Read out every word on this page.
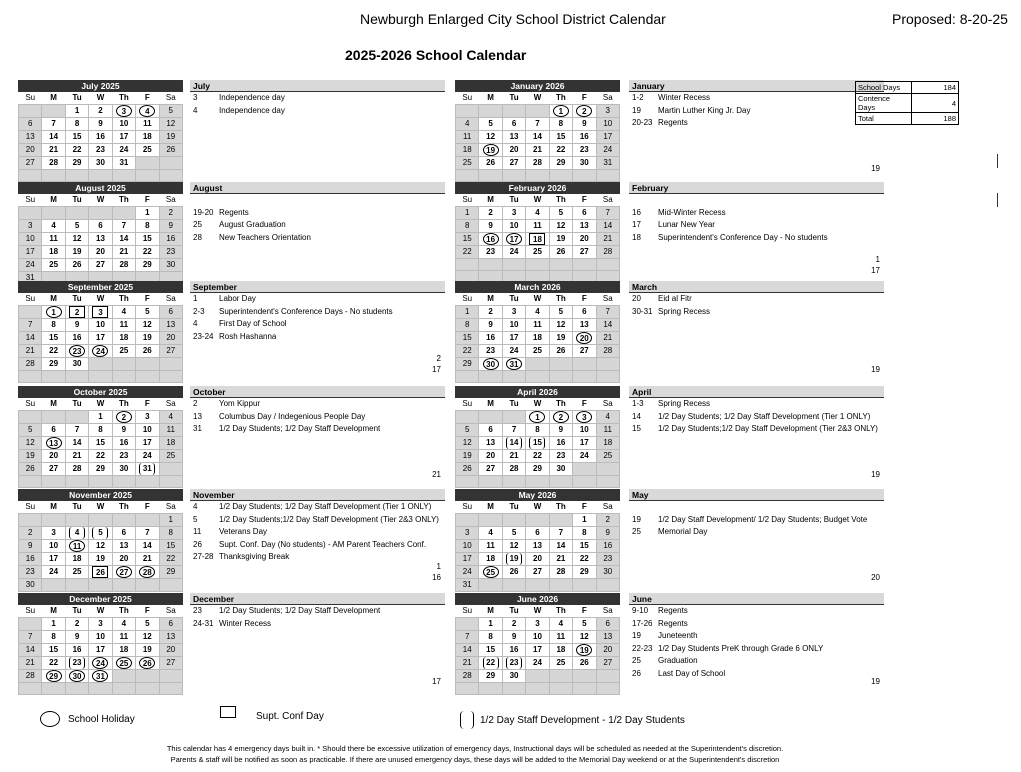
Newburgh Enlarged City School District Calendar	Proposed: 8-20-25
2025-2026 School Calendar
July 2025
Su	M	Tu	W	Th	F	Sa
		1	2	3	4	5
6	7	8	9	10	11	12
13	14	15	16	17	18	19
20	21	22	23	24	25	26
27	28	29	30	31		

July
3	Independence day
4	Independence day
January 2026
Su	M	Tu	W	Th	F	Sa
				1	2	3
4	5	6	7	8	9	10
11	12	13	14	15	16	17
18	19	20	21	22	23	24
25	26	27	28	29	30	31

January
1-2	Winter Recess
19	Martin Luther King Jr. Day
20-23 Regents
19
August 2025
Su	M	Tu	W	Th	F	Sa
					1	2
3	4	5	6	7	8	9
10	11	12	13	14	15	16
17	18	19	20	21	22	23
24	25	26	27	28	29	30
31						
August
19-20 Regents
25	August Graduation
28	New Teachers Orientation
February 2026
Su	M	Tu	W	Th	F	Sa
1	2	3	4	5	6	7
8	9	10	11	12	13	14
15	16	17	18	19	20	21
22	23	24	25	26	27	28

February
16	Mid-Winter Recess
17	Lunar New Year
18	Superintendent's Conference Day - No students
1
17
September 2025
Su	M	Tu	W	Th	F	Sa
	1	2	3	4	5	6
7	8	9	10	11	12	13
14	15	16	17	18	19	20
21	22	23	24	25	26	27
28	29	30				

September
1	Labor Day
2-3	Superintendent's Conference Days - No students
4	First Day of School
23-24 Rosh Hashanna
2
17
March 2026
Su	M	Tu	W	Th	F	Sa
1	2	3	4	5	6	7
8	9	10	11	12	13	14
15	16	17	18	19	20	21
22	23	24	25	26	27	28
29	30	31				

March
20	Eid al Fitr
30-31 Spring Recess
19
October 2025
Su	M	Tu	W	Th	F	Sa
			1	2	3	4
5	6	7	8	9	10	11
12	13	14	15	16	17	18
19	20	21	22	23	24	25
26	27	28	29	30	31	

October
2	Yom Kippur
13	Columbus Day / Indegenious People Day
31	1/2 Day Students; 1/2 Day Staff Development
21
April 2026
Su	M	Tu	W	Th	F	Sa
			1	2	3	4
5	6	7	8	9	10	11
12	13	14	15	16	17	18
19	20	21	22	23	24	25
26	27	28	29	30		

April
1-3	Spring Recess
14	1/2 Day Students; 1/2 Day Staff Development (Tier 1 ONLY)
15	1/2 Day Students;1/2 Day Staff Development (Tier 2&3 ONLY)
19
November 2025
Su	M	Tu	W	Th	F	Sa
						1
2	3	4	5	6	7	8
9	10	11	12	13	14	15
16	17	18	19	20	21	22
23	24	25	26	27	28	29
30						
November
4	1/2 Day Students; 1/2 Day Staff Development (Tier 1 ONLY)
5	1/2 Day Students;1/2 Day Staff Development (Tier 2&3 ONLY)
11	Veterans Day
26	Supt. Conf. Day (No students) - AM Parent Teachers Conf.
27-28 Thanksgiving Break
1
16
May 2026
Su	M	Tu	W	Th	F	Sa
					1	2
3	4	5	6	7	8	9
10	11	12	13	14	15	16
17	18	19	20	21	22	23
24	25	26	27	28	29	30
31						
May
19	1/2 Day Staff Development/ 1/2 Day Students; Budget Vote
25	Memorial Day
20
December 2025
Su	M	Tu	W	Th	F	Sa
	1	2	3	4	5	6
7	8	9	10	11	12	13
14	15	16	17	18	19	20
21	22	23	24	25	26	27
28	29	30	31			

December
23	1/2 Day Students; 1/2 Day Staff Development
24-31 Winter Recess
17
June 2026
Su	M	Tu	W	Th	F	Sa
	1	2	3	4	5	6
7	8	9	10	11	12	13
14	15	16	17	18	19	20
21	22	23	24	25	26	27
28	29	30				

June
9-10	Regents
17-26 Regents
19	Juneteenth
22-23 1/2 Day Students PreK through Grade 6 ONLY
25	Graduation
26	Last Day of School
19
School Days	184
Contence Days	4
Total	188
School Holiday	Supt. Conf Day	1/2 Day Staff Development - 1/2 Day Students
This calendar has 4 emergency days built in. * Should there be excessive utilization of emergency days, Instructional days will be scheduled as needed at the Superintendent's discretion.
Parents & staff will be notified as soon as practicable. If there are unused emergency days, these days will be added to the Memorial Day weekend or at the Superintendent's discretion
